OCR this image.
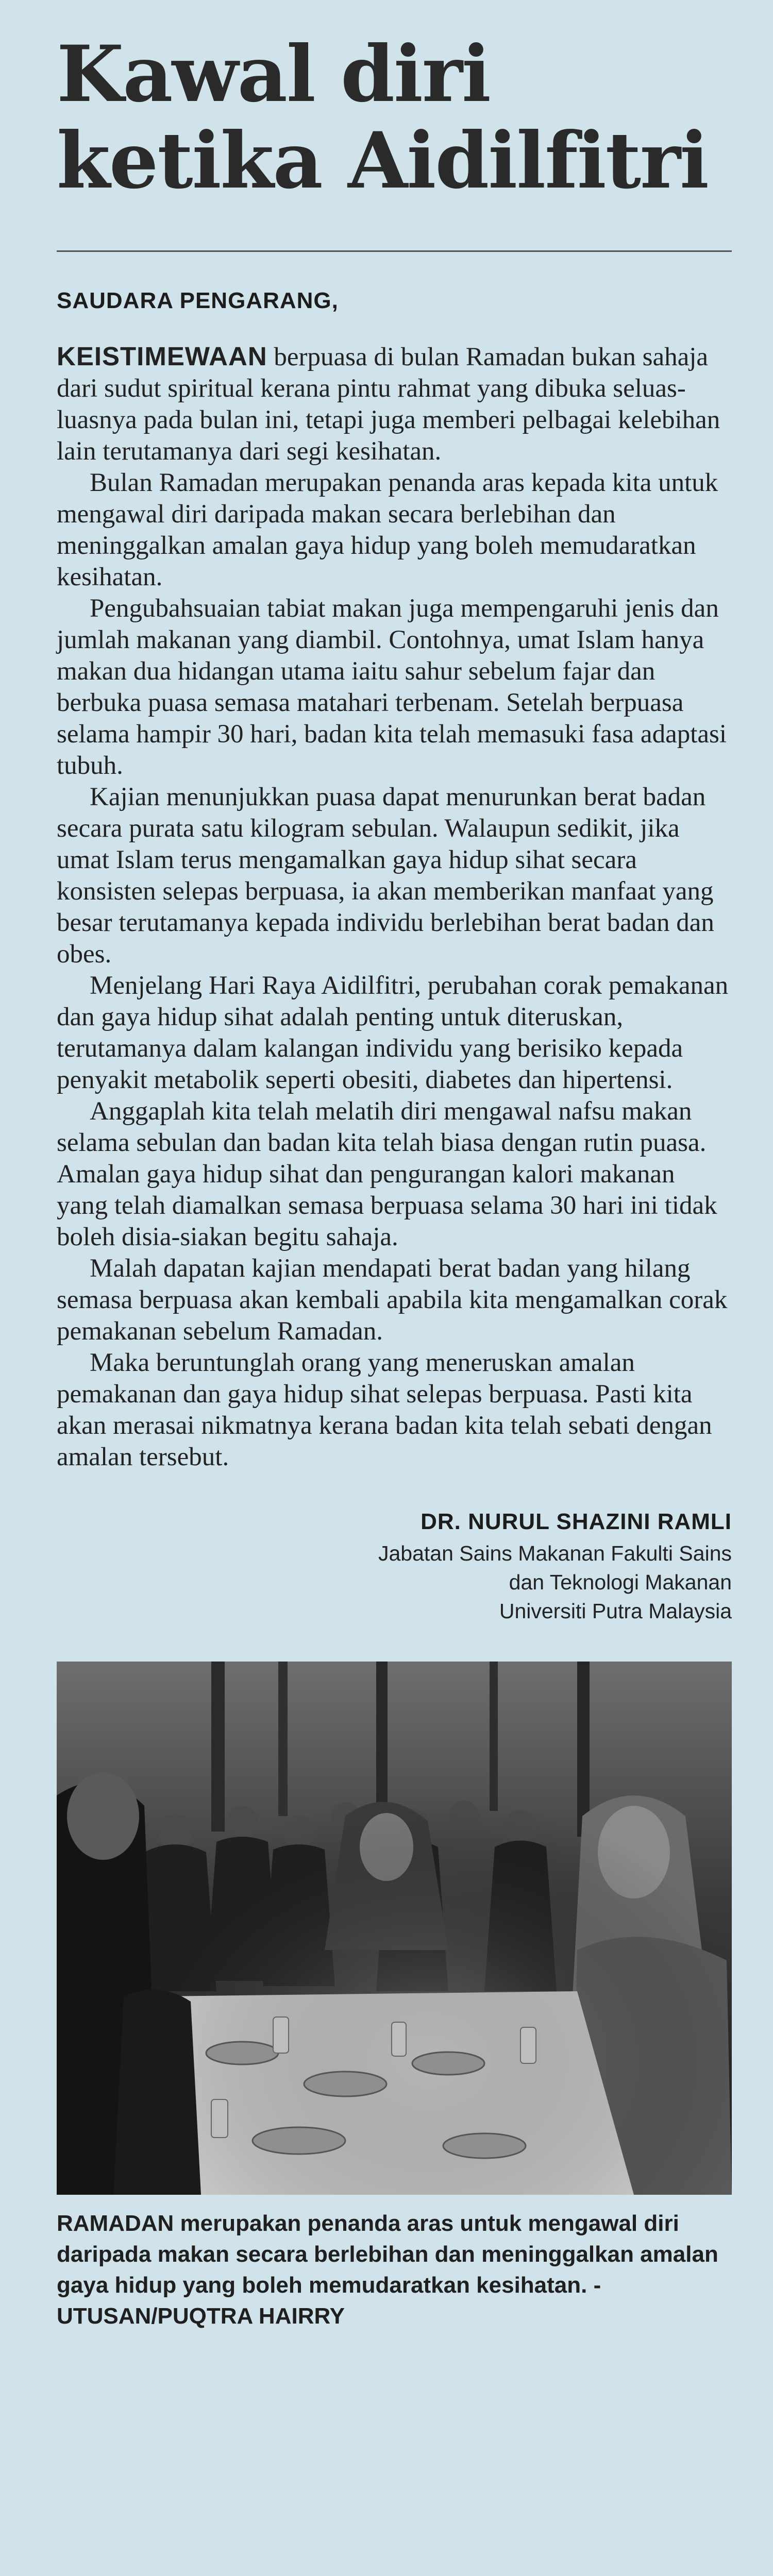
Kawal diri
ketika Aidilfitri
SAUDARA PENGARANG,

KEISTIMEWAAN berpuasa di bulan Ramadan bukan sahaja dari sudut spiritual kerana pintu rahmat yang dibuka seluas-luasnya pada bulan ini, tetapi juga memberi pelbagai kelebihan lain terutamanya dari segi kesihatan.

Bulan Ramadan merupakan penanda aras kepada kita untuk mengawal diri daripada makan secara berlebihan dan meninggalkan amalan gaya hidup yang boleh memudaratkan kesihatan.

Pengubahsuaian tabiat makan juga mempengaruhi jenis dan jumlah makanan yang diambil. Contohnya, umat Islam hanya makan dua hidangan utama iaitu sahur sebelum fajar dan berbuka puasa semasa matahari terbenam. Setelah berpuasa selama hampir 30 hari, badan kita telah memasuki fasa adaptasi tubuh.

Kajian menunjukkan puasa dapat menurunkan berat badan secara purata satu kilogram sebulan. Walaupun sedikit, jika umat Islam terus mengamalkan gaya hidup sihat secara konsisten selepas berpuasa, ia akan memberikan manfaat yang besar terutamanya kepada individu berlebihan berat badan dan obes.

Menjelang Hari Raya Aidilfitri, perubahan corak pemakanan dan gaya hidup sihat adalah penting untuk diteruskan, terutamanya dalam kalangan individu yang berisiko kepada penyakit metabolik seperti obesiti, diabetes dan hipertensi.

Anggaplah kita telah melatih diri mengawal nafsu makan selama sebulan dan badan kita telah biasa dengan rutin puasa. Amalan gaya hidup sihat dan pengurangan kalori makanan yang telah diamalkan semasa berpuasa selama 30 hari ini tidak boleh disia-siakan begitu sahaja.

Malah dapatan kajian mendapati berat badan yang hilang semasa berpuasa akan kembali apabila kita mengamalkan corak pemakanan sebelum Ramadan.

Maka beruntunglah orang yang meneruskan amalan pemakanan dan gaya hidup sihat selepas berpuasa. Pasti kita akan merasai nikmatnya kerana badan kita telah sebati dengan amalan tersebut.

DR. NURUL SHAZINI RAMLI
Jabatan Sains Makanan Fakulti Sains
dan Teknologi Makanan
Universiti Putra Malaysia
RAMADAN merupakan penanda aras untuk mengawal diri daripada makan secara berlebihan dan meninggalkan amalan gaya hidup yang boleh memudaratkan kesihatan. - UTUSAN/PUQTRA HAIRRY
